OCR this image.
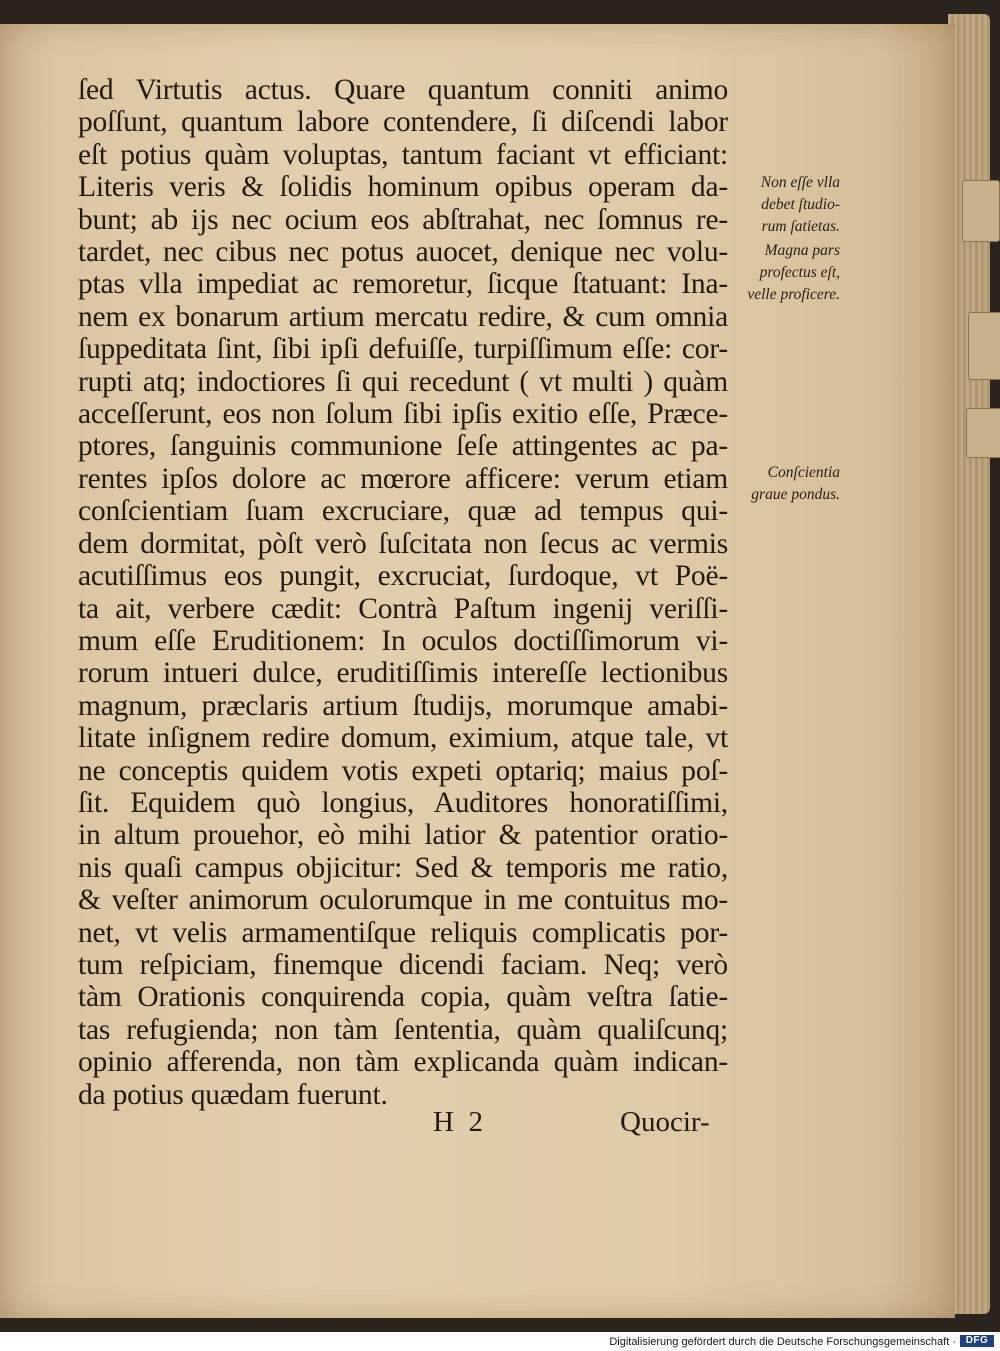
ſed Virtutis actus. Quare quantum conniti animo
poſſunt, quantum labore contendere, ſi diſcendi labor
eſt potius quàm voluptas, tantum faciant vt efficiant:
Literis veris & ſolidis hominum opibus operam da-
bunt; ab ijs nec ocium eos abſtrahat, nec ſomnus re-
tardet, nec cibus nec potus auocet, denique nec volu-
ptas vlla impediat ac remoretur, ſicque ſtatuant: Ina-
nem ex bonarum artium mercatu redire, & cum omnia
ſuppeditata ſint, ſibi ipſi defuiſſe, turpiſſimum eſſe: cor-
rupti atq; indoctiores ſi qui recedunt ( vt multi ) quàm
acceſſerunt, eos non ſolum ſibi ipſis exitio eſſe, Præce-
ptores, ſanguinis communione ſeſe attingentes ac pa-
rentes ipſos dolore ac mœrore afficere: verum etiam
conſcientiam ſuam excruciare, quæ ad tempus qui-
dem dormitat, pòſt verò ſuſcitata non ſecus ac vermis
acutiſſimus eos pungit, excruciat, ſurdoque, vt Poë-
ta ait, verbere cædit: Contrà Paſtum ingenij veriſſi-
mum eſſe Eruditionem: In oculos doctiſſimorum vi-
rorum intueri dulce, eruditiſſimis intereſſe lectionibus
magnum, præclaris artium ſtudijs, morumque amabi-
litate inſignem redire domum, eximium, atque tale, vt
ne conceptis quidem votis expeti optariq; maius poſ-
ſit. Equidem quò longius, Auditores honoratiſſimi,
in altum prouehor, eò mihi latior & patentior oratio-
nis quaſi campus objicitur: Sed & temporis me ratio,
& veſter animorum oculorumque in me contuitus mo-
net, vt velis armamentiſque reliquis complicatis por-
tum reſpiciam, finemque dicendi faciam. Neq; verò
tàm Orationis conquirenda copia, quàm veſtra ſatie-
tas refugienda; non tàm ſententia, quàm qualiſcunq;
opinio afferenda, non tàm explicanda quàm indican-
da potius quædam fuerunt.
Non eſſe vlla
debet ſtudio-
rum ſatietas.
Magna pars
profectus eſt,
velle proficere.
Conſcientia
graue pondus.
H  2	Quocir-
Digitalisierung gefördert durch die Deutsche Forschungsgemeinschaft · DFG
